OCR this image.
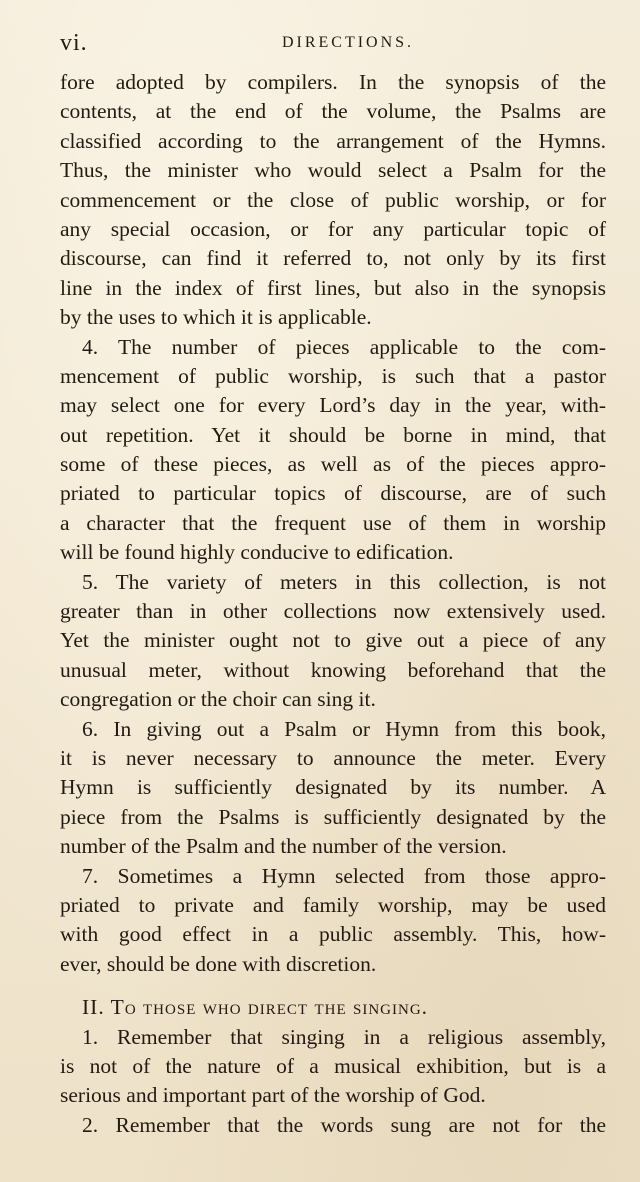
vi.	DIRECTIONS.
fore adopted by compilers. In the synopsis of the
contents, at the end of the volume, the Psalms are
classified according to the arrangement of the Hymns.
Thus, the minister who would select a Psalm for the
commencement or the close of public worship, or for
any special occasion, or for any particular topic of
discourse, can find it referred to, not only by its first
line in the index of first lines, but also in the synopsis
by the uses to which it is applicable.
4. The number of pieces applicable to the com-
mencement of public worship, is such that a pastor
may select one for every Lord’s day in the year, with-
out repetition. Yet it should be borne in mind, that
some of these pieces, as well as of the pieces appro-
priated to particular topics of discourse, are of such
a character that the frequent use of them in worship
will be found highly conducive to edification.
5. The variety of meters in this collection, is not
greater than in other collections now extensively used.
Yet the minister ought not to give out a piece of any
unusual meter, without knowing beforehand that the
congregation or the choir can sing it.
6. In giving out a Psalm or Hymn from this book,
it is never necessary to announce the meter. Every
Hymn is sufficiently designated by its number. A
piece from the Psalms is sufficiently designated by the
number of the Psalm and the number of the version.
7. Sometimes a Hymn selected from those appro-
priated to private and family worship, may be used
with good effect in a public assembly. This, how-
ever, should be done with discretion.
II. To those who direct the singing.
1. Remember that singing in a religious assembly,
is not of the nature of a musical exhibition, but is a
serious and important part of the worship of God.
2. Remember that the words sung are not for the
